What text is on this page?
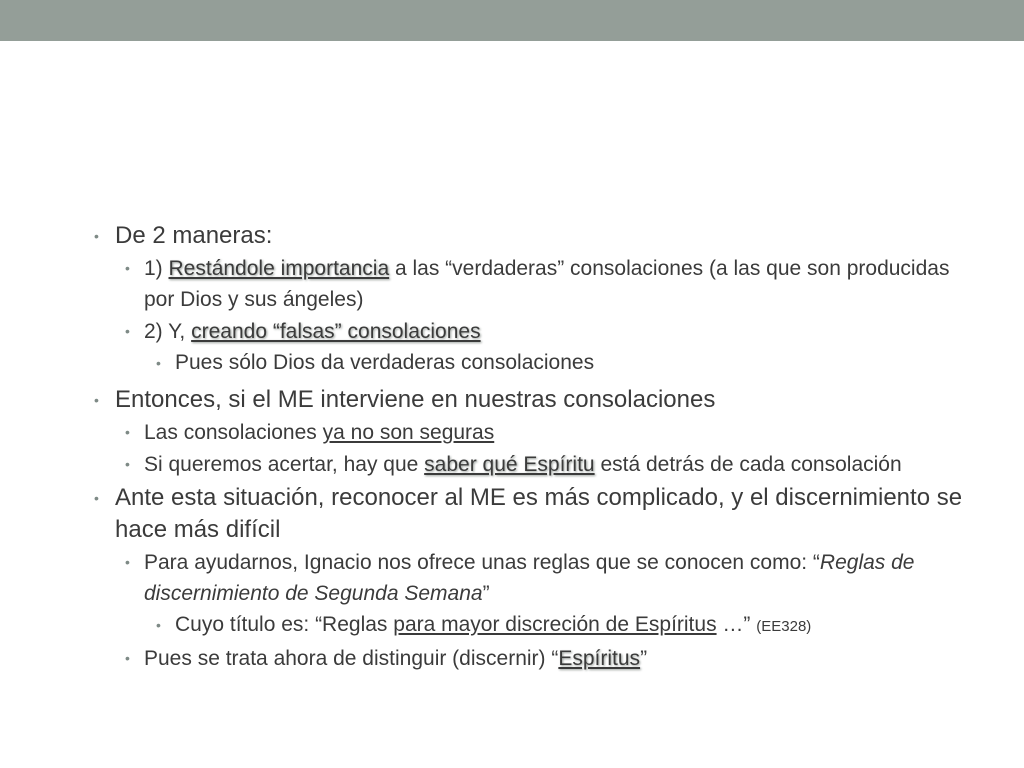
• De 2 maneras:
• 1) Restándole importancia a las “verdaderas” consolaciones (a las que son producidas por Dios y sus ángeles)
• 2) Y, creando “falsas” consolaciones
• Pues sólo Dios da verdaderas consolaciones
• Entonces, si el ME interviene en nuestras consolaciones
• Las consolaciones ya no son seguras
• Si queremos acertar, hay que saber qué Espíritu está detrás de cada consolación
• Ante esta situación, reconocer al ME es más complicado, y el discernimiento se hace más difícil
• Para ayudarnos, Ignacio nos ofrece unas reglas que se conocen como: “Reglas de discernimiento de Segunda Semana”
• Cuyo título es: “Reglas para mayor discreción de Espíritus …” (EE328)
• Pues se trata ahora de distinguir (discernir) “Espíritus”
